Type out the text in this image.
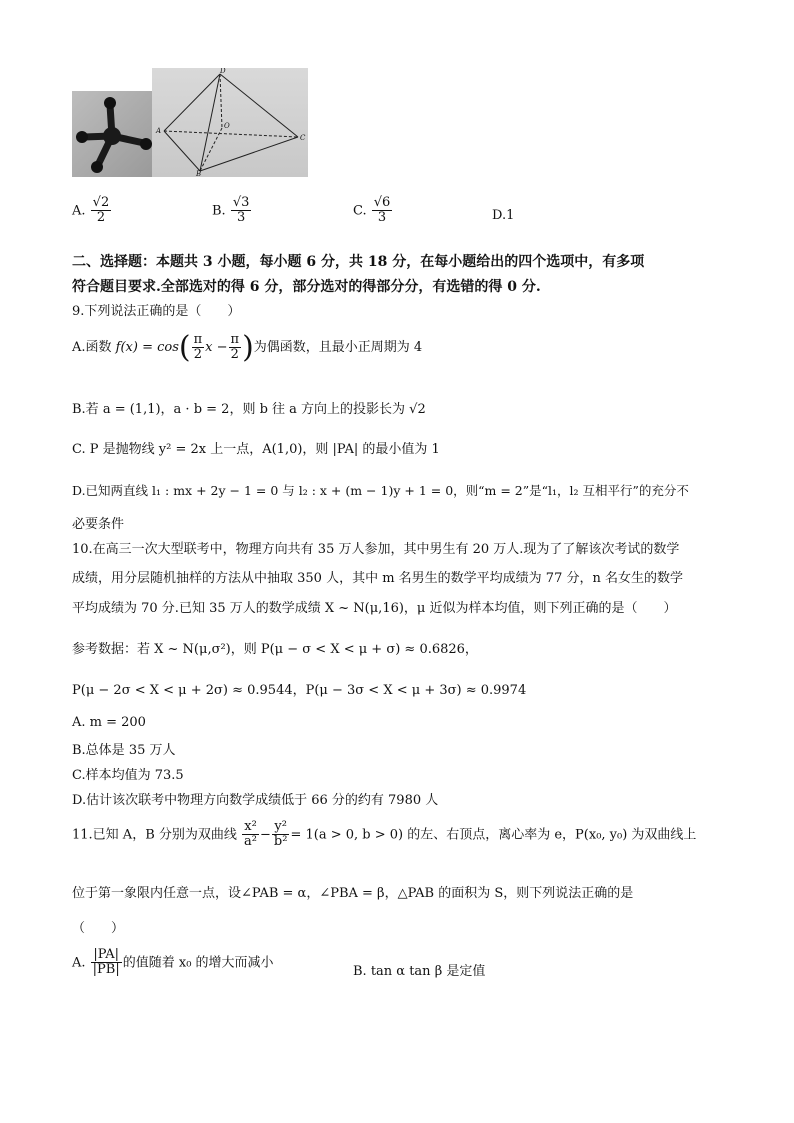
D
A
O
B
C
A. $\frac{√2}{2}$	B. $\frac{√3}{3}$	C. $\frac{√6}{3}$	D.1
二、选择题：本题共 3 小题，每小题 6 分，共 18 分，在每小题给出的四个选项中，有多项
符合题目要求.全部选对的得 6 分，部分选对的得部分分，有选错的得 0 分.
9.下列说法正确的是（　　）
A.函数 $f(x) = \cos( \frac{\pi}{2}$ $x - \frac{\pi}{2}$ )为偶函数，且最小正周期为 4
B.若 a = (1,1)，a · b = 2，则 b 往 a 方向上的投影长为 √2
C. P 是抛物线 y² = 2x 上一点，A(1,0)，则 |PA| 的最小值为 1
D.已知两直线 l₁ : mx + 2y − 1 = 0 与 l₂ : x + (m − 1)y + 1 = 0，则“m = 2”是“l₁，l₂ 互相平行”的充分不
必要条件
10.在高三一次大型联考中，物理方向共有 35 万人参加，其中男生有 20 万人.现为了了解该次考试的数学
成绩，用分层随机抽样的方法从中抽取 350 人，其中 m 名男生的数学平均成绩为 77 分，n 名女生的数学
平均成绩为 70 分.已知 35 万人的数学成绩 X ~ N(μ,16)，μ 近似为样本均值，则下列正确的是（　　）
参考数据：若 X ~ N(μ,σ²)，则 P(μ − σ < X < μ + σ) ≈ 0.6826，
P(μ − 2σ < X < μ + 2σ) ≈ 0.9544，P(μ − 3σ < X < μ + 3σ) ≈ 0.9974
A. m = 200
B.总体是 35 万人
C.样本均值为 73.5
D.估计该次联考中物理方向数学成绩低于 66 分的约有 7980 人
11.已知 A，B 分别为双曲线 $\frac{\text{x²}}{\text{a²}} - \frac{\text{y²}}{\text{b²}} = 1(a > 0$, b > 0) 的左、右顶点，离心率为 e，P(x₀, y₀) 为双曲线上
位于第一象限内任意一点，设∠PAB = α，∠PBA = β，△PAB 的面积为 S，则下列说法正确的是
（　　）
A. $\frac{|PA|}{|PB|}$ 的值随着 x₀ 的增大而减小
B. tan α tan β 是定值
